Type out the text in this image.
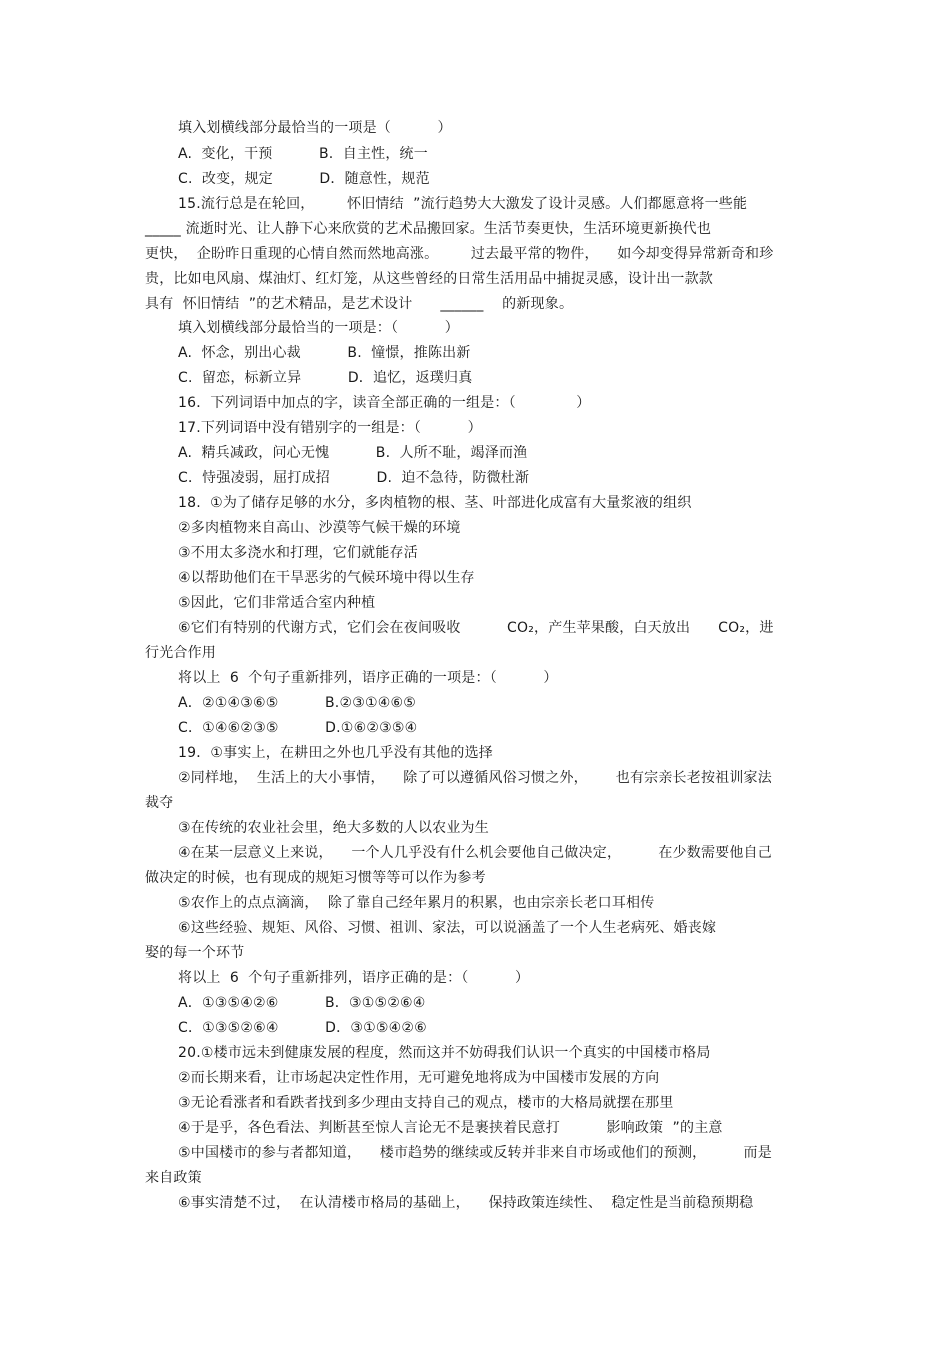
填入划横线部分最恰当的一项是（          ）
A.  变化，干预          B.  自主性，统一
C.  改变，规定          D．随意性，规范
15.流行总是在轮回，       怀旧情结  ”流行趋势大大激发了设计灵感。人们都愿意将一些能
_____ 流逝时光、让人静下心来欣赏的艺术品搬回家。生活节奏更快，生活环境更新换代也
更快，  企盼昨日重现的心情自然而然地高涨。       过去最平常的物件，    如今却变得异常新奇和珍
贵，比如电风扇、煤油灯、红灯笼，从这些曾经的日常生活用品中捕捉灵感，设计出一款款
具有  怀旧情结  ”的艺术精品，是艺术设计      ______    的新现象。
填入划横线部分最恰当的一项是：（          ）
A.  怀念，别出心裁          B.  憧憬，推陈出新
C.  留恋，标新立异          D．追忆，返璞归真
16．下列词语中加点的字，读音全部正确的一组是：（             ）
17.下列词语中没有错别字的一组是：（          ）
A.  精兵减政，问心无愧          B.  人所不耻，竭泽而渔
C．恃强凌弱，屈打成招          D.  迫不急待，防微杜渐
18.  ①为了储存足够的水分，多肉植物的根、茎、叶部进化成富有大量浆液的组织
②多肉植物来自高山、沙漠等气候干燥的环境
③不用太多浇水和打理，它们就能存活
④以帮助他们在干旱恶劣的气候环境中得以生存
⑤因此，它们非常适合室内种植
⑥它们有特别的代谢方式，它们会在夜间吸收          CO₂，产生苹果酸，白天放出      CO₂，进
行光合作用
将以上  6  个句子重新排列，语序正确的一项是：（          ）
A．②①④③⑥⑤          B.②③①④⑥⑤
C．①④⑥②③⑤          D.①⑥②③⑤④
19．①事实上，在耕田之外也几乎没有其他的选择
②同样地，  生活上的大小事情，    除了可以遵循风俗习惯之外，      也有宗亲长老按祖训家法
裁夺
③在传统的农业社会里，绝大多数的人以农业为生
④在某一层意义上来说，    一个人几乎没有什么机会要他自己做决定，        在少数需要他自己
做决定的时候，也有现成的规矩习惯等等可以作为参考
⑤农作上的点点滴滴，  除了靠自己经年累月的积累，也由宗亲长老口耳相传
⑥这些经验、规矩、风俗、习惯、祖训、家法，可以说涵盖了一个人生老病死、婚丧嫁
娶的每一个环节
将以上  6  个句子重新排列，语序正确的是：（          ）
A．①③⑤④②⑥          B．③①⑤②⑥④
C．①③⑤②⑥④          D．③①⑤④②⑥
20.①楼市远未到健康发展的程度，然而这并不妨碍我们认识一个真实的中国楼市格局
②而长期来看，让市场起决定性作用，无可避免地将成为中国楼市发展的方向
③无论看涨者和看跌者找到多少理由支持自己的观点，楼市的大格局就摆在那里
④于是乎，各色看法、判断甚至惊人言论无不是裹挟着民意打          影响政策  ”的主意
⑤中国楼市的参与者都知道，    楼市趋势的继续或反转并非来自市场或他们的预测，        而是
来自政策
⑥事实清楚不过，  在认清楼市格局的基础上，    保持政策连续性、  稳定性是当前稳预期稳
